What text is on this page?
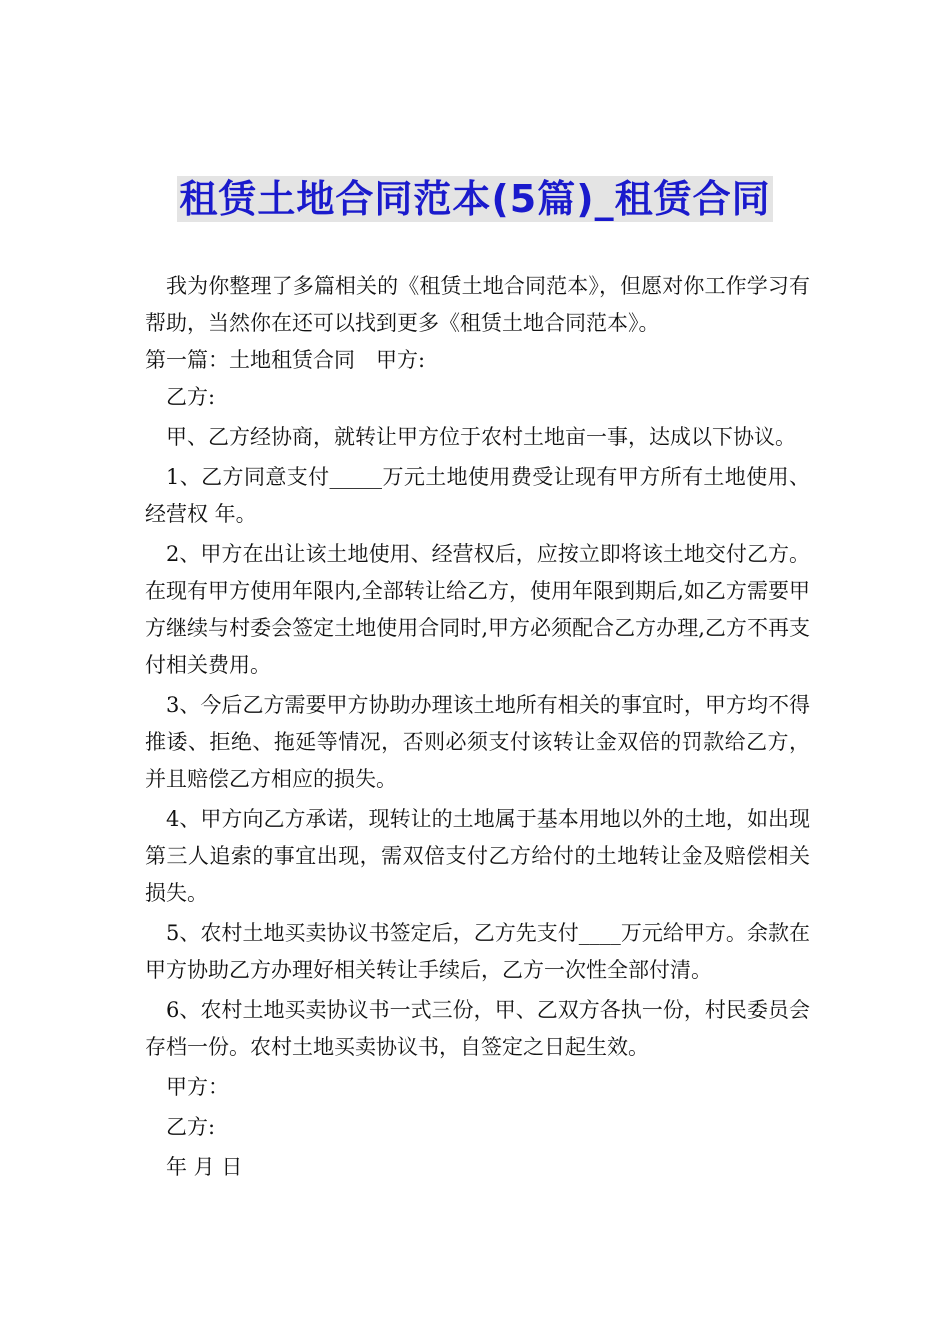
租赁土地合同范本(5篇)_租赁合同

我为你整理了多篇相关的《租赁土地合同范本》，但愿对你工作学习有帮助，当然你在还可以找到更多《租赁土地合同范本》。

第一篇：土地租赁合同　甲方:

乙方:

甲、乙方经协商，就转让甲方位于农村土地亩一事，达成以下协议。

1、乙方同意支付_____万元土地使用费受让现有甲方所有土地使用、经营权 年。

2、甲方在出让该土地使用、经营权后，应按立即将该土地交付乙方。在现有甲方使用年限内,全部转让给乙方，使用年限到期后,如乙方需要甲方继续与村委会签定土地使用合同时,甲方必须配合乙方办理,乙方不再支付相关费用。

3、今后乙方需要甲方协助办理该土地所有相关的事宜时，甲方均不得推诿、拒绝、拖延等情况，否则必须支付该转让金双倍的罚款给乙方，并且赔偿乙方相应的损失。

4、甲方向乙方承诺，现转让的土地属于基本用地以外的土地，如出现第三人追索的事宜出现，需双倍支付乙方给付的土地转让金及赔偿相关损失。

5、农村土地买卖协议书签定后，乙方先支付____万元给甲方。余款在甲方协助乙方办理好相关转让手续后，乙方一次性全部付清。

6、农村土地买卖协议书一式三份，甲、乙双方各执一份，村民委员会存档一份。农村土地买卖协议书，自签定之日起生效。

甲方：

乙方:

年 月 日
